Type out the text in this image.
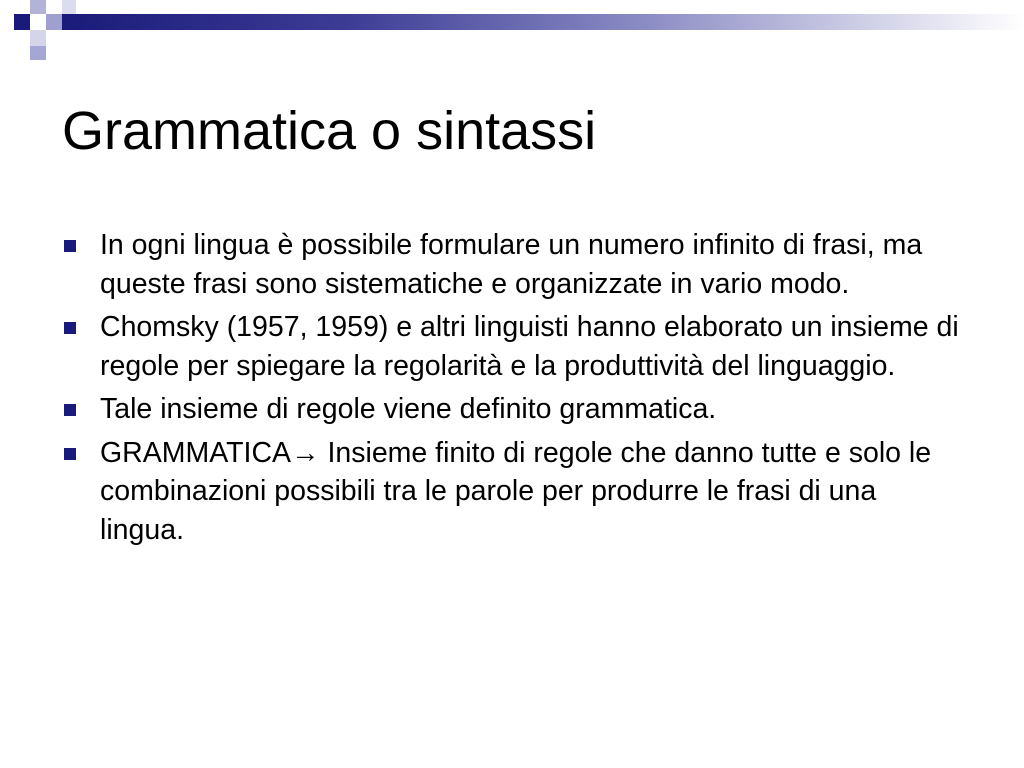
Grammatica o sintassi
In ogni lingua è possibile formulare un numero infinito di frasi, ma queste frasi sono sistematiche e organizzate in vario modo.
Chomsky (1957, 1959) e altri linguisti hanno elaborato un insieme di regole per spiegare la regolarità e la produttività del linguaggio.
Tale insieme di regole viene definito grammatica.
GRAMMATICA→ Insieme finito di regole che danno tutte e solo le combinazioni possibili tra le parole per produrre le frasi di una lingua.
